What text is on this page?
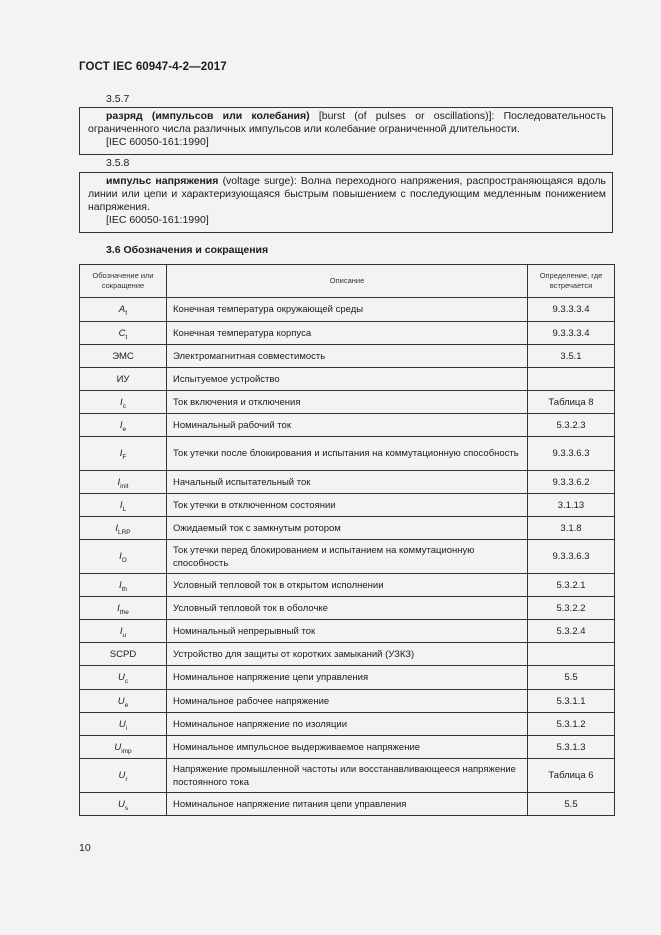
ГОСТ IEC 60947-4-2—2017
3.5.7

разряд (импульсов или колебания) [burst (of pulses or oscillations)]: Последовательность ограниченного числа различных импульсов или колебание ограниченной длительности.

[IEC 60050-161:1990]

3.5.8

импульс напряжения (voltage surge): Волна переходного напряжения, распространяющаяся вдоль линии или цепи и характеризующаяся быстрым повышением с последующим медленным понижением напряжения.

[IEC 60050-161:1990]

3.6 Обозначения и сокращения
Обозначение или сокращение	Описание	Определение, где встречается
$A_f$	Конечная температура окружающей среды	9.3.3.3.4
$C_t$	Конечная температура корпуса	9.3.3.3.4
ЭМС	Электромагнитная совместимость	3.5.1
ИУ	Испытуемое устройство	
$I_c$	Ток включения и отключения	Таблица 8
$I_e$	Номинальный рабочий ток	5.3.2.3
$I_F$	Ток утечки после блокирования и испытания на коммутационную способность	9.3.3.6.3
$I_{init}$	Начальный испытательный ток	9.3.3.6.2
$I_L$	Ток утечки в отключенном состоянии	3.1.13
$I_{LRP}$	Ожидаемый ток с замкнутым ротором	3.1.8
$I_O$	Ток утечки перед блокированием и испытанием на коммутационную способность	9.3.3.6.3
$I_{th}$	Условный тепловой ток в открытом исполнении	5.3.2.1
$I_{the}$	Условный тепловой ток в оболочке	5.3.2.2
$I_u$	Номинальный непрерывный ток	5.3.2.4
SCPD	Устройство для защиты от коротких замыканий (УЗКЗ)	
$U_c$	Номинальное напряжение цепи управления	5.5
$U_e$	Номинальное рабочее напряжение	5.3.1.1
$U_i$	Номинальное напряжение по изоляции	5.3.1.2
$U_{imp}$	Номинальное импульсное выдерживаемое напряжение	5.3.1.3
$U_r$	Напряжение промышленной частоты или восстанавливающееся напряжение постоянного тока	Таблица 6
$U_s$	Номинальное напряжение питания цепи управления	5.5
10
